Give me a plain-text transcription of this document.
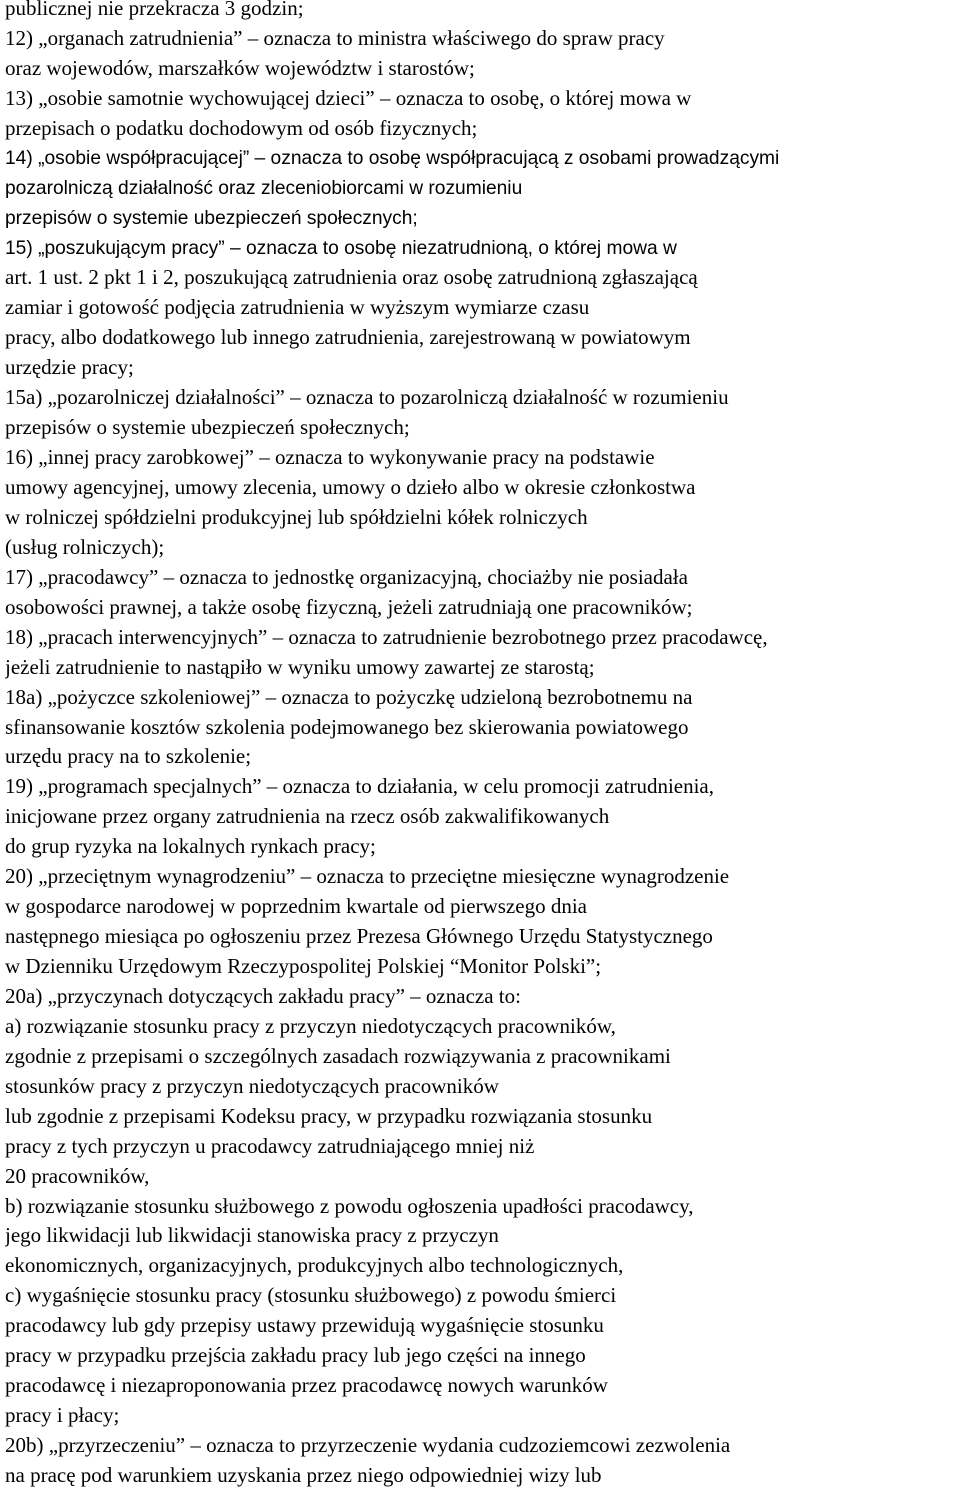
publicznej nie przekracza 3 godzin;
12) „organach zatrudnienia” – oznacza to ministra właściwego do spraw pracy
oraz wojewodów, marszałków województw i starostów;
13) „osobie samotnie wychowującej dzieci” – oznacza to osobę, o której mowa w
przepisach o podatku dochodowym od osób fizycznych;
14) „osobie współpracującej” – oznacza to osobę współpracującą z osobami prowadzącymi
pozarolniczą działalność oraz zleceniobiorcami w rozumieniu
przepisów o systemie ubezpieczeń społecznych;
15) „poszukującym pracy” – oznacza to osobę niezatrudnioną, o której mowa w
art. 1 ust. 2 pkt 1 i 2, poszukującą zatrudnienia oraz osobę zatrudnioną zgłaszającą
zamiar i gotowość podjęcia zatrudnienia w wyższym wymiarze czasu
pracy, albo dodatkowego lub innego zatrudnienia, zarejestrowaną w powiatowym
urzędzie pracy;
15a) „pozarolniczej działalności” – oznacza to pozarolniczą działalność w rozumieniu
przepisów o systemie ubezpieczeń społecznych;
16) „innej pracy zarobkowej” – oznacza to wykonywanie pracy na podstawie
umowy agencyjnej, umowy zlecenia, umowy o dzieło albo w okresie członkostwa
w rolniczej spółdzielni produkcyjnej lub spółdzielni kółek rolniczych
(usług rolniczych);
17) „pracodawcy” – oznacza to jednostkę organizacyjną, chociażby nie posiadała
osobowości prawnej, a także osobę fizyczną, jeżeli zatrudniają one pracowników;
18) „pracach interwencyjnych” – oznacza to zatrudnienie bezrobotnego przez pracodawcę,
jeżeli zatrudnienie to nastąpiło w wyniku umowy zawartej ze starostą;
18a) „pożyczce szkoleniowej” – oznacza to pożyczkę udzieloną bezrobotnemu na
sfinansowanie kosztów szkolenia podejmowanego bez skierowania powiatowego
urzędu pracy na to szkolenie;
19) „programach specjalnych” – oznacza to działania, w celu promocji zatrudnienia,
inicjowane przez organy zatrudnienia na rzecz osób zakwalifikowanych
do grup ryzyka na lokalnych rynkach pracy;
20) „przeciętnym wynagrodzeniu” – oznacza to przeciętne miesięczne wynagrodzenie
w gospodarce narodowej w poprzednim kwartale od pierwszego dnia
następnego miesiąca po ogłoszeniu przez Prezesa Głównego Urzędu Statystycznego
w Dzienniku Urzędowym Rzeczypospolitej Polskiej “Monitor Polski”;
20a) „przyczynach dotyczących zakładu pracy” – oznacza to:
a) rozwiązanie stosunku pracy z przyczyn niedotyczących pracowników,
zgodnie z przepisami o szczególnych zasadach rozwiązywania z pracownikami
stosunków pracy z przyczyn niedotyczących pracowników
lub zgodnie z przepisami Kodeksu pracy, w przypadku rozwiązania stosunku
pracy z tych przyczyn u pracodawcy zatrudniającego mniej niż
20 pracowników,
b) rozwiązanie stosunku służbowego z powodu ogłoszenia upadłości pracodawcy,
jego likwidacji lub likwidacji stanowiska pracy z przyczyn
ekonomicznych, organizacyjnych, produkcyjnych albo technologicznych,
c) wygaśnięcie stosunku pracy (stosunku służbowego) z powodu śmierci
pracodawcy lub gdy przepisy ustawy przewidują wygaśnięcie stosunku
pracy w przypadku przejścia zakładu pracy lub jego części na innego
pracodawcę i niezaproponowania przez pracodawcę nowych warunków
pracy i płacy;
20b) „przyrzeczeniu” – oznacza to przyrzeczenie wydania cudzoziemcowi zezwolenia
na pracę pod warunkiem uzyskania przez niego odpowiedniej wizy lub
